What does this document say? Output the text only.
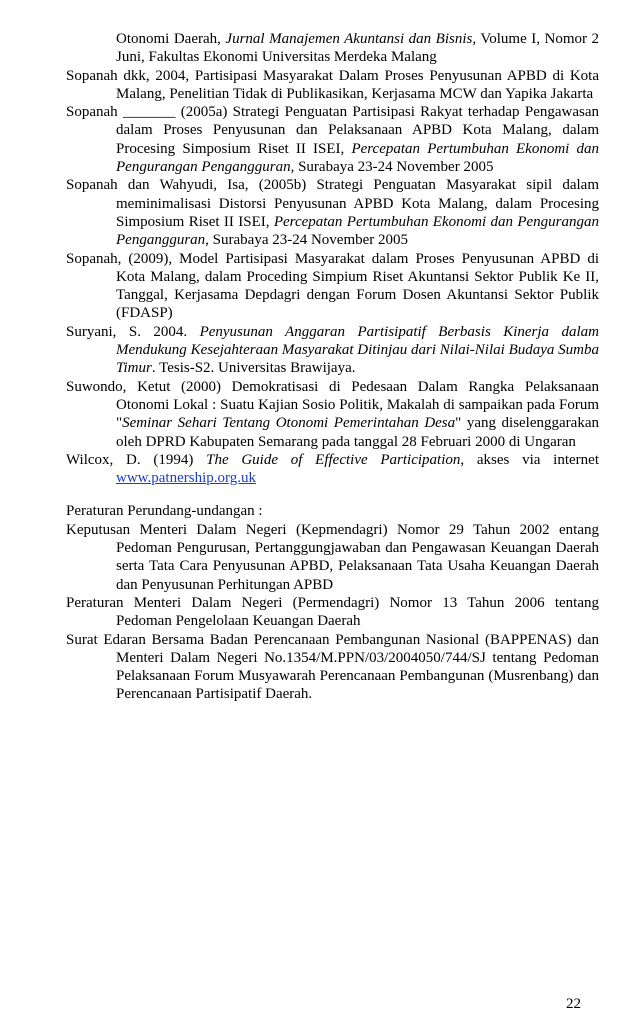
Otonomi Daerah, Jurnal Manajemen Akuntansi dan Bisnis, Volume I, Nomor 2 Juni, Fakultas Ekonomi Universitas Merdeka Malang

Sopanah dkk, 2004, Partisipasi Masyarakat Dalam Proses Penyusunan APBD di Kota Malang, Penelitian Tidak di Publikasikan, Kerjasama MCW dan Yapika Jakarta

Sopanah _______ (2005a) Strategi Penguatan Partisipasi Rakyat terhadap Pengawasan dalam Proses Penyusunan dan Pelaksanaan APBD Kota Malang, dalam Procesing Simposium Riset II ISEI, Percepatan Pertumbuhan Ekonomi dan Pengurangan Pengangguran, Surabaya 23-24 November 2005

Sopanah dan Wahyudi, Isa, (2005b) Strategi Penguatan Masyarakat sipil dalam meminimalisasi Distorsi Penyusunan APBD Kota Malang, dalam Procesing Simposium Riset II ISEI, Percepatan Pertumbuhan Ekonomi dan Pengurangan Pengangguran, Surabaya 23-24 November 2005

Sopanah, (2009), Model Partisipasi Masyarakat dalam Proses Penyusunan APBD di Kota Malang, dalam Proceding Simpium Riset Akuntansi Sektor Publik Ke II, Tanggal, Kerjasama Depdagri dengan Forum Dosen Akuntansi Sektor Publik (FDASP)

Suryani, S. 2004. Penyusunan Anggaran Partisipatif Berbasis Kinerja dalam Mendukung Kesejahteraan Masyarakat Ditinjau dari Nilai-Nilai Budaya Sumba Timur. Tesis-S2. Universitas Brawijaya.

Suwondo, Ketut (2000) Demokratisasi di Pedesaan Dalam Rangka Pelaksanaan Otonomi Lokal : Suatu Kajian Sosio Politik, Makalah di sampaikan pada Forum "Seminar Sehari Tentang Otonomi Pemerintahan Desa" yang diselenggarakan oleh DPRD Kabupaten Semarang pada tanggal 28 Februari 2000 di Ungaran

Wilcox, D. (1994) The Guide of Effective Participation, akses via internet www.patnership.org.uk

Peraturan Perundang-undangan :

Keputusan Menteri Dalam Negeri (Kepmendagri) Nomor 29 Tahun 2002 entang Pedoman Pengurusan, Pertanggungjawaban dan Pengawasan Keuangan Daerah serta Tata Cara Penyusunan APBD, Pelaksanaan Tata Usaha Keuangan Daerah dan Penyusunan Perhitungan APBD

Peraturan Menteri Dalam Negeri (Permendagri) Nomor 13 Tahun 2006 tentang Pedoman Pengelolaan Keuangan Daerah

Surat Edaran Bersama Badan Perencanaan Pembangunan Nasional (BAPPENAS) dan Menteri Dalam Negeri No.1354/M.PPN/03/2004050/744/SJ tentang Pedoman Pelaksanaan Forum Musyawarah Perencanaan Pembangunan (Musrenbang) dan Perencanaan Partisipatif Daerah.

22
